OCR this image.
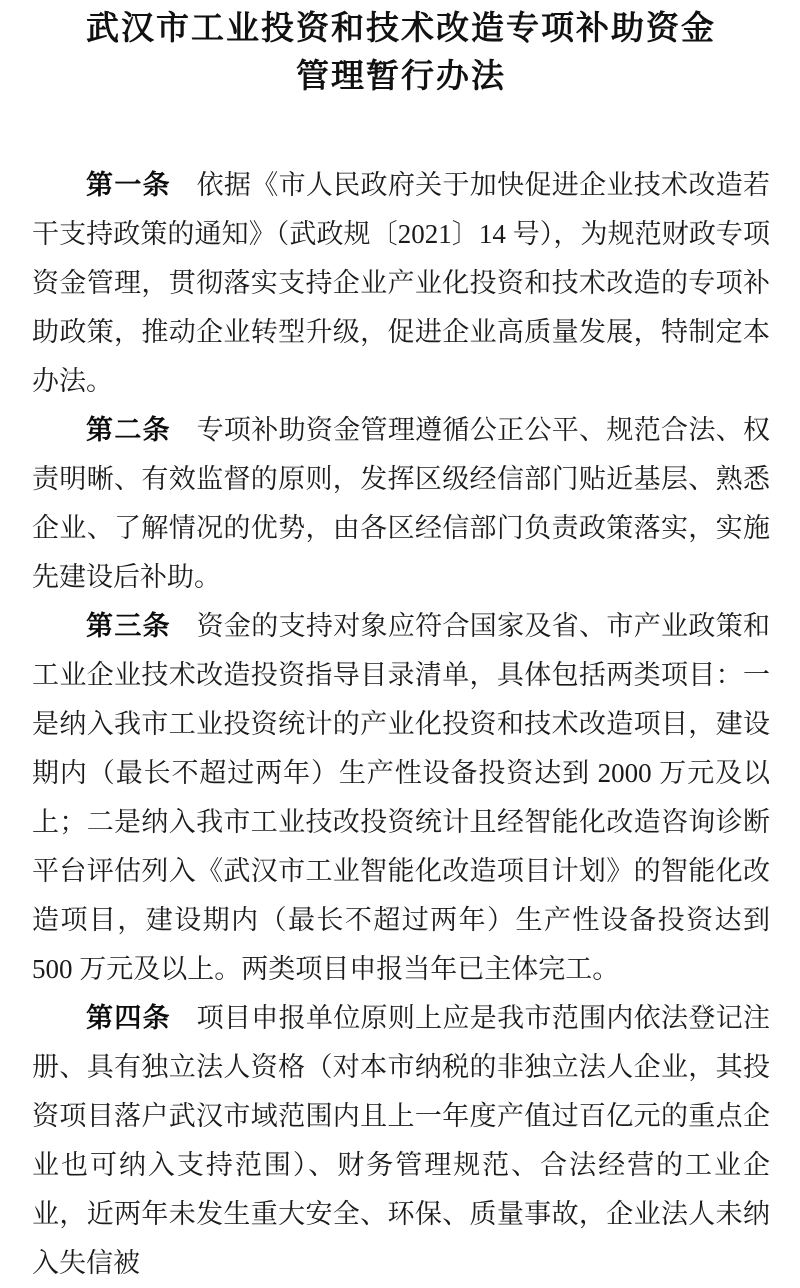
武汉市工业投资和技术改造专项补助资金
管理暂行办法

第一条 依据《市人民政府关于加快促进企业技术改造若干支持政策的通知》（武政规〔2021〕14 号），为规范财政专项资金管理，贯彻落实支持企业产业化投资和技术改造的专项补助政策，推动企业转型升级，促进企业高质量发展，特制定本办法。

第二条 专项补助资金管理遵循公正公平、规范合法、权责明晰、有效监督的原则，发挥区级经信部门贴近基层、熟悉企业、了解情况的优势，由各区经信部门负责政策落实，实施先建设后补助。

第三条 资金的支持对象应符合国家及省、市产业政策和工业企业技术改造投资指导目录清单，具体包括两类项目：一是纳入我市工业投资统计的产业化投资和技术改造项目，建设期内（最长不超过两年）生产性设备投资达到 2000 万元及以上；二是纳入我市工业技改投资统计且经智能化改造咨询诊断平台评估列入《武汉市工业智能化改造项目计划》的智能化改造项目，建设期内（最长不超过两年）生产性设备投资达到 500 万元及以上。两类项目申报当年已主体完工。

第四条 项目申报单位原则上应是我市范围内依法登记注册、具有独立法人资格（对本市纳税的非独立法人企业，其投资项目落户武汉市域范围内且上一年度产值过百亿元的重点企业也可纳入支持范围）、财务管理规范、合法经营的工业企业，近两年未发生重大安全、环保、质量事故，企业法人未纳入失信被
